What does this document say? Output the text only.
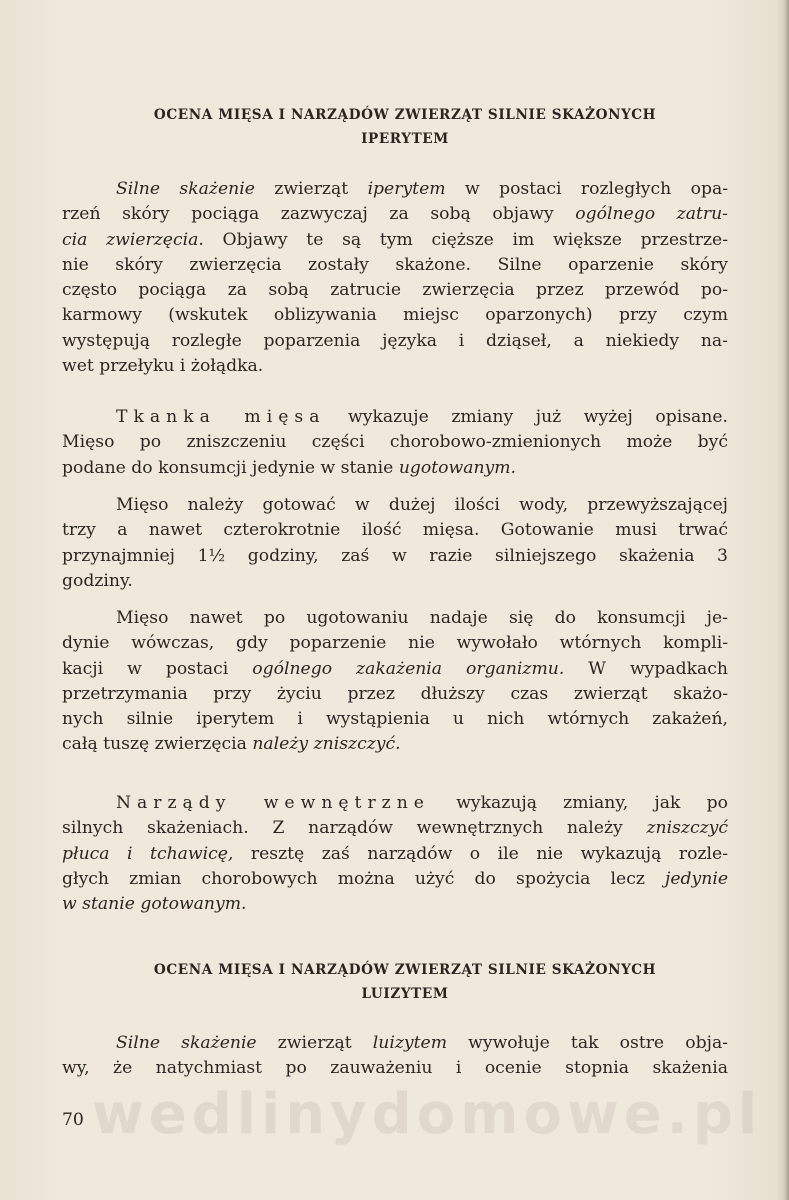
OCENA MIĘSA I NARZĄDÓW ZWIERZĄT SILNIE SKAŻONYCH
IPERYTEM

Silne skażenie zwierząt iperytem w postaci rozległych opa-

rzeń skóry pociąga zazwyczaj za sobą objawy ogólnego zatru-

cia zwierzęcia. Objawy te są tym cięższe im większe przestrze-

nie skóry zwierzęcia zostały skażone. Silne oparzenie skóry

często pociąga za sobą zatrucie zwierzęcia przez przewód po-

karmowy (wskutek oblizywania miejsc oparzonych) przy czym

występują rozległe poparzenia języka i dziąseł, a niekiedy na-

wet przełyku i żołądka.

Tkanka mięsa wykazuje zmiany już wyżej opisane.

Mięso po zniszczeniu części chorobowo-zmienionych może być

podane do konsumcji jedynie w stanie ugotowanym.

Mięso należy gotować w dużej ilości wody, przewyższającej

trzy a nawet czterokrotnie ilość mięsa. Gotowanie musi trwać

przynajmniej 1½ godziny, zaś w razie silniejszego skażenia 3

godziny.

Mięso nawet po ugotowaniu nadaje się do konsumcji je-

dynie wówczas, gdy poparzenie nie wywołało wtórnych kompli-

kacji w postaci ogólnego zakażenia organizmu. W wypadkach

przetrzymania przy życiu przez dłuższy czas zwierząt skażo-

nych silnie iperytem i wystąpienia u nich wtórnych zakażeń,

całą tuszę zwierzęcia należy zniszczyć.

Narządy wewnętrzne wykazują zmiany, jak po

silnych skażeniach. Z narządów wewnętrznych należy zniszczyć

płuca i tchawicę, resztę zaś narządów o ile nie wykazują rozle-

głych zmian chorobowych można użyć do spożycia lecz jedynie

w stanie gotowanym.

OCENA MIĘSA I NARZĄDÓW ZWIERZĄT SILNIE SKAŻONYCH
LUIZYTEM

Silne skażenie zwierząt luizytem wywołuje tak ostre obja-

wy, że natychmiast po zauważeniu i ocenie stopnia skażenia

wedlinydomowe.pl
70
